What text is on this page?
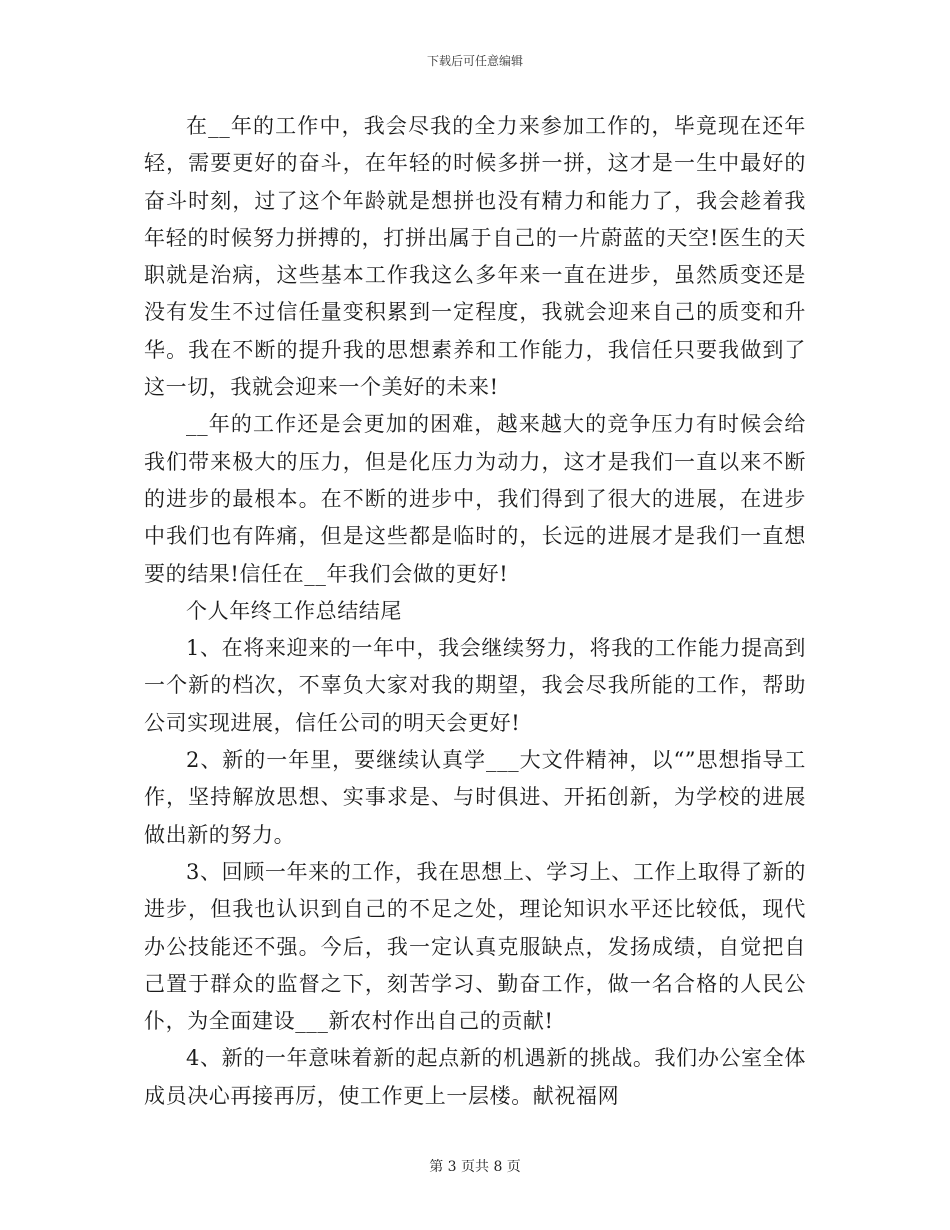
下载后可任意编辑

在__年的工作中，我会尽我的全力来参加工作的，毕竟现在还年轻，需要更好的奋斗，在年轻的时候多拼一拼，这才是一生中最好的奋斗时刻，过了这个年龄就是想拼也没有精力和能力了，我会趁着我年轻的时候努力拼搏的，打拼出属于自己的一片蔚蓝的天空!医生的天职就是治病，这些基本工作我这么多年来一直在进步，虽然质变还是没有发生不过信任量变积累到一定程度，我就会迎来自己的质变和升华。我在不断的提升我的思想素养和工作能力，我信任只要我做到了这一切，我就会迎来一个美好的未来!

__年的工作还是会更加的困难，越来越大的竞争压力有时候会给我们带来极大的压力，但是化压力为动力，这才是我们一直以来不断的进步的最根本。在不断的进步中，我们得到了很大的进展，在进步中我们也有阵痛，但是这些都是临时的，长远的进展才是我们一直想要的结果!信任在__年我们会做的更好!

个人年终工作总结结尾

1、在将来迎来的一年中，我会继续努力，将我的工作能力提高到一个新的档次，不辜负大家对我的期望，我会尽我所能的工作，帮助公司实现进展，信任公司的明天会更好!

2、新的一年里，要继续认真学___大文件精神，以“”思想指导工作，坚持解放思想、实事求是、与时俱进、开拓创新，为学校的进展做出新的努力。

3、回顾一年来的工作，我在思想上、学习上、工作上取得了新的进步，但我也认识到自己的不足之处，理论知识水平还比较低，现代办公技能还不强。今后，我一定认真克服缺点，发扬成绩，自觉把自己置于群众的监督之下，刻苦学习、勤奋工作，做一名合格的人民公仆，为全面建设___新农村作出自己的贡献!

4、新的一年意味着新的起点新的机遇新的挑战。我们办公室全体成员决心再接再厉，使工作更上一层楼。献祝福网

第 3 页共 8 页
